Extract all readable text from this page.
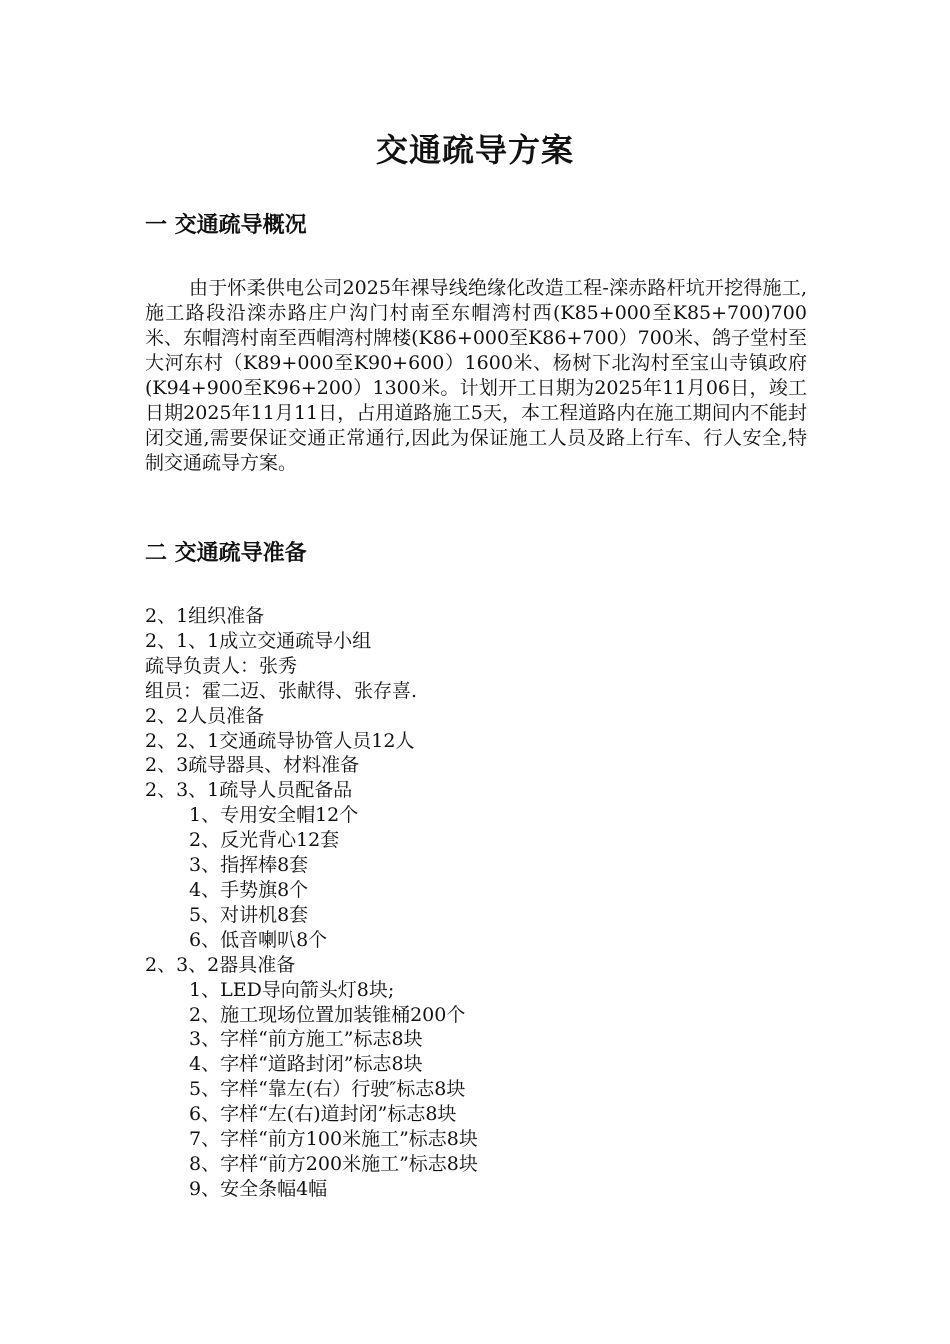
交通疏导方案
一 交通疏导概况

由于怀柔供电公司2025年裸导线绝缘化改造工程-滦赤路杆坑开挖得施工,施工路段沿滦赤路庄户沟门村南至东帽湾村西(K85+000至K85+700)700米、东帽湾村南至西帽湾村牌楼(K86+000至K86+700）700米、鸽子堂村至大河东村（K89+000至K90+600）1600米、杨树下北沟村至宝山寺镇政府(K94+900至K96+200）1300米。计划开工日期为2025年11月06日，竣工日期2025年11月11日，占用道路施工5天，本工程道路内在施工期间内不能封闭交通,需要保证交通正常通行,因此为保证施工人员及路上行车、行人安全,特制交通疏导方案。

二 交通疏导准备
2、1组织准备
2、1、1成立交通疏导小组
疏导负责人：张秀
组员：霍二迈、张献得、张存喜.
2、2人员准备
2、2、1交通疏导协管人员12人
2、3疏导器具、材料准备
2、3、1疏导人员配备品
1、专用安全帽12个
2、反光背心12套
3、指挥棒8套
4、手势旗8个
5、对讲机8套
6、低音喇叭8个
2、3、2器具准备
1、LED导向箭头灯8块;
2、施工现场位置加装锥桶200个
3、字样“前方施工”标志8块
4、字样“道路封闭”标志8块
5、字样“靠左(右）行驶″标志8块
6、字样“左(右)道封闭”标志8块
7、字样“前方100米施工”标志8块
8、字样“前方200米施工”标志8块
9、安全条幅4幅
